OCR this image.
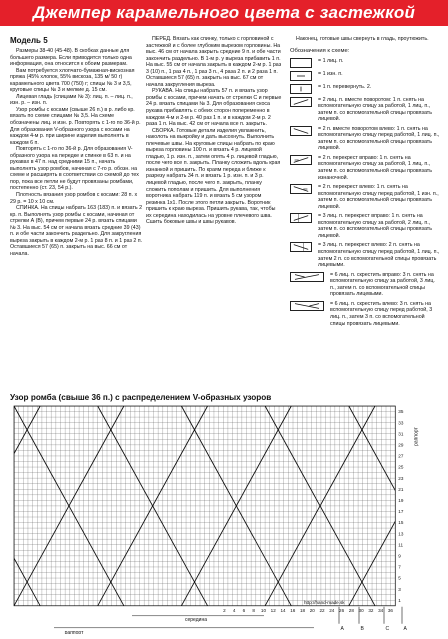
Джемпер карамельного цвета с застежкой
Модель 5
Размеры 38-40 (45-48). В скобках данные для большего размера. Если приводится только одна информация, она относится к обоим размерам.
Вам потребуется хлопчато-бумажная-вискозная пряжа (45% хлопок, 55% вискоза, 135 м/ 50 г) карамельного цвета 700 (750) г; спицы № 3 и 3,5, круговые спицы № 3 и мелкие д. 15 см.
Лицевая гладь (спицами № 3): лиц. п. – лиц. п., изн. р. – изн. п.
Узор ромбы с косами (свыше 26 п.) в р. либо кр. вязать по схеме спицами № 3,5. На схеме обозначены лиц. и изн. р. Повторять с 1-го по 36-й р. Для образования V-образного узора с косами на каждом 4-м р. при ширине изделия выполнять в каждом 6 п.
Повторять с 1-го по 36-й р. Для образования V-образного узора на передке и спинке в 63 п. и на рукавах в 47 п. над средними 15 п., начать выполнять узор ромбов, начиная с 7-го р. обозн. на схеме и расширять в соответствии со схемой до тех пор, пока все петли не будут провязаны ромбами, постепенно (ст. 23, 54 р.).
Плотность вязания узор ромбов с косами: 28 п. х 29 р. = 10 х 10 см.
СПИНКА. На спицы набрать 163 (183) п. и вязать 2 кр. п. Выполнять узор ромбы с косами, начиная от стрелки А (В), причем первые 24 р. вязать спицами № 3. На выс. 54 см от начала вязать средние 39 (43) п. и обе части закончить раздельно. Для закругления выреза закрыть в каждом 2-м р. 1 раз 8 п. и 1 раз 2 п. Оставшиеся 57 (65) п. закрыть на выс. 66 см от начала.
ПЕРЕД. Вязать как спинку, только с горловиной с застежкой и с более глубоким вырезом горловины. На выс. 46 см от начала закрыть средние 9 п. и обе части закончить раздельно. В 1-м р. у выреза прибавить 1 п. На выс. 55 см от начала закрыть в каждом 2-м р. 1 раз 3 (10) п., 1 раз 4 п., 1 раз 3 п., 4 раза 2 п. и 2 раза 1 п. Оставшиеся 57 (65) п. закрыть на выс. 67 см от начала закругления выреза.
РУКАВА. На спицы набрать 57 п. и вязать узор ромбы с косами, причем начать от стрелки С и первые 24 р. вязать спицами № 3. Для образования скоса рукава прибавлять с обеих сторон попеременно в каждом 4-м и 2-м р. 40 раз 1 п. и в каждом 2-м р. 2 раза 1 п. На выс. 42 см от начала все п. закрыть.
СБОРКА. Готовые детали изделия увлажнить, наколоть на выкройку и дать высохнуть. Выполнить плечевые швы. На круговые спицы набрать по краю выреза горловины 100 п. и вязать 4 р. лицевой гладью, 1 р. изн. п., затем опять 4 р. лицевой гладью, после чего все п. закрыть. Планку сложить вдоль края изнанкой и пришить. По краям переда и ближе к разрезу набрать 34 п. и вязать 1 р. изн. п. и 3 р. лицевой гладью, после чего п. закрыть, планку сложить пополам и пришить. Для выполнения воротника набрать 119 п. и вязать 5 см узором резинка 1х1. После этого петли закрыть. Воротник пришить к краю выреза. Пришить рукава, так, чтобы их середина находилась на уровне плечевого шва. Сшить боковые швы и швы рукавов.
Наконец, готовые швы свернуть в гладь, проутюжить.
Обозначения к схеме:
= 1 лиц. п.
= 1 изн. п.
= 1 п. перевернуть. 2.
= 2 лиц. п. вместе поворотом: 1 п. снять на вспомогательную спицу за работой, 1 лиц. п., затем п. со вспомогательной спицы провязать лицевой.
= 2 п. вместе поворотом влево: 1 п. снять на вспомогательную спицу перед работой, 1 лиц. п., затем п. со вспомогательной спицы провязать лицевой.
= 2 п. перекрест вправо: 1 п. снять на вспомогательную спицу за работой, 1 лиц. п., затем п. со вспомогательной спицы провязать изнаночной.
= 2 п. перекрест влево: 1 п. снять на вспомогательную спицу перед работой, 1 изн. п., затем п. со вспомогательной спицы провязать лицевой.
= 3 лиц. п. перекрест вправо: 1 п. снять на вспомогательную спицу за работой, 2 лиц. п., затем п. со вспомогательной спицы провязать лицевой.
= 3 лиц. п. перекрест влево: 2 п. снять на вспомогательную спицу перед работой, 1 лиц. п., затем 2 п. со вспомогательной спицы провязать лицевыми.
= 6 лиц. п. скрестить вправо: 3 п. снять на вспомогательную спицу за работой, 3 лиц. п., затем п. со вспомогательной спицы провязать лицевыми.
= 6 лиц. п. скрестить влево: 3 п. снять на вспомогательную спицу перед работой, 3 лиц. п., затем 3 п. со вспомогательной спицы провязать лицевыми.
Узор ромба (свыше 36 п.) с распределением V-образных узоров
35
33
31
29
27
25
23
21
19
17
15
13
11
9
7
5
3
1
раппорт
36
34
32
30
28
26
24
22
20
18
16
14
12
10
8
6
4
2
середина
раппорт
A	B	C	A
http://hand-made.sk
